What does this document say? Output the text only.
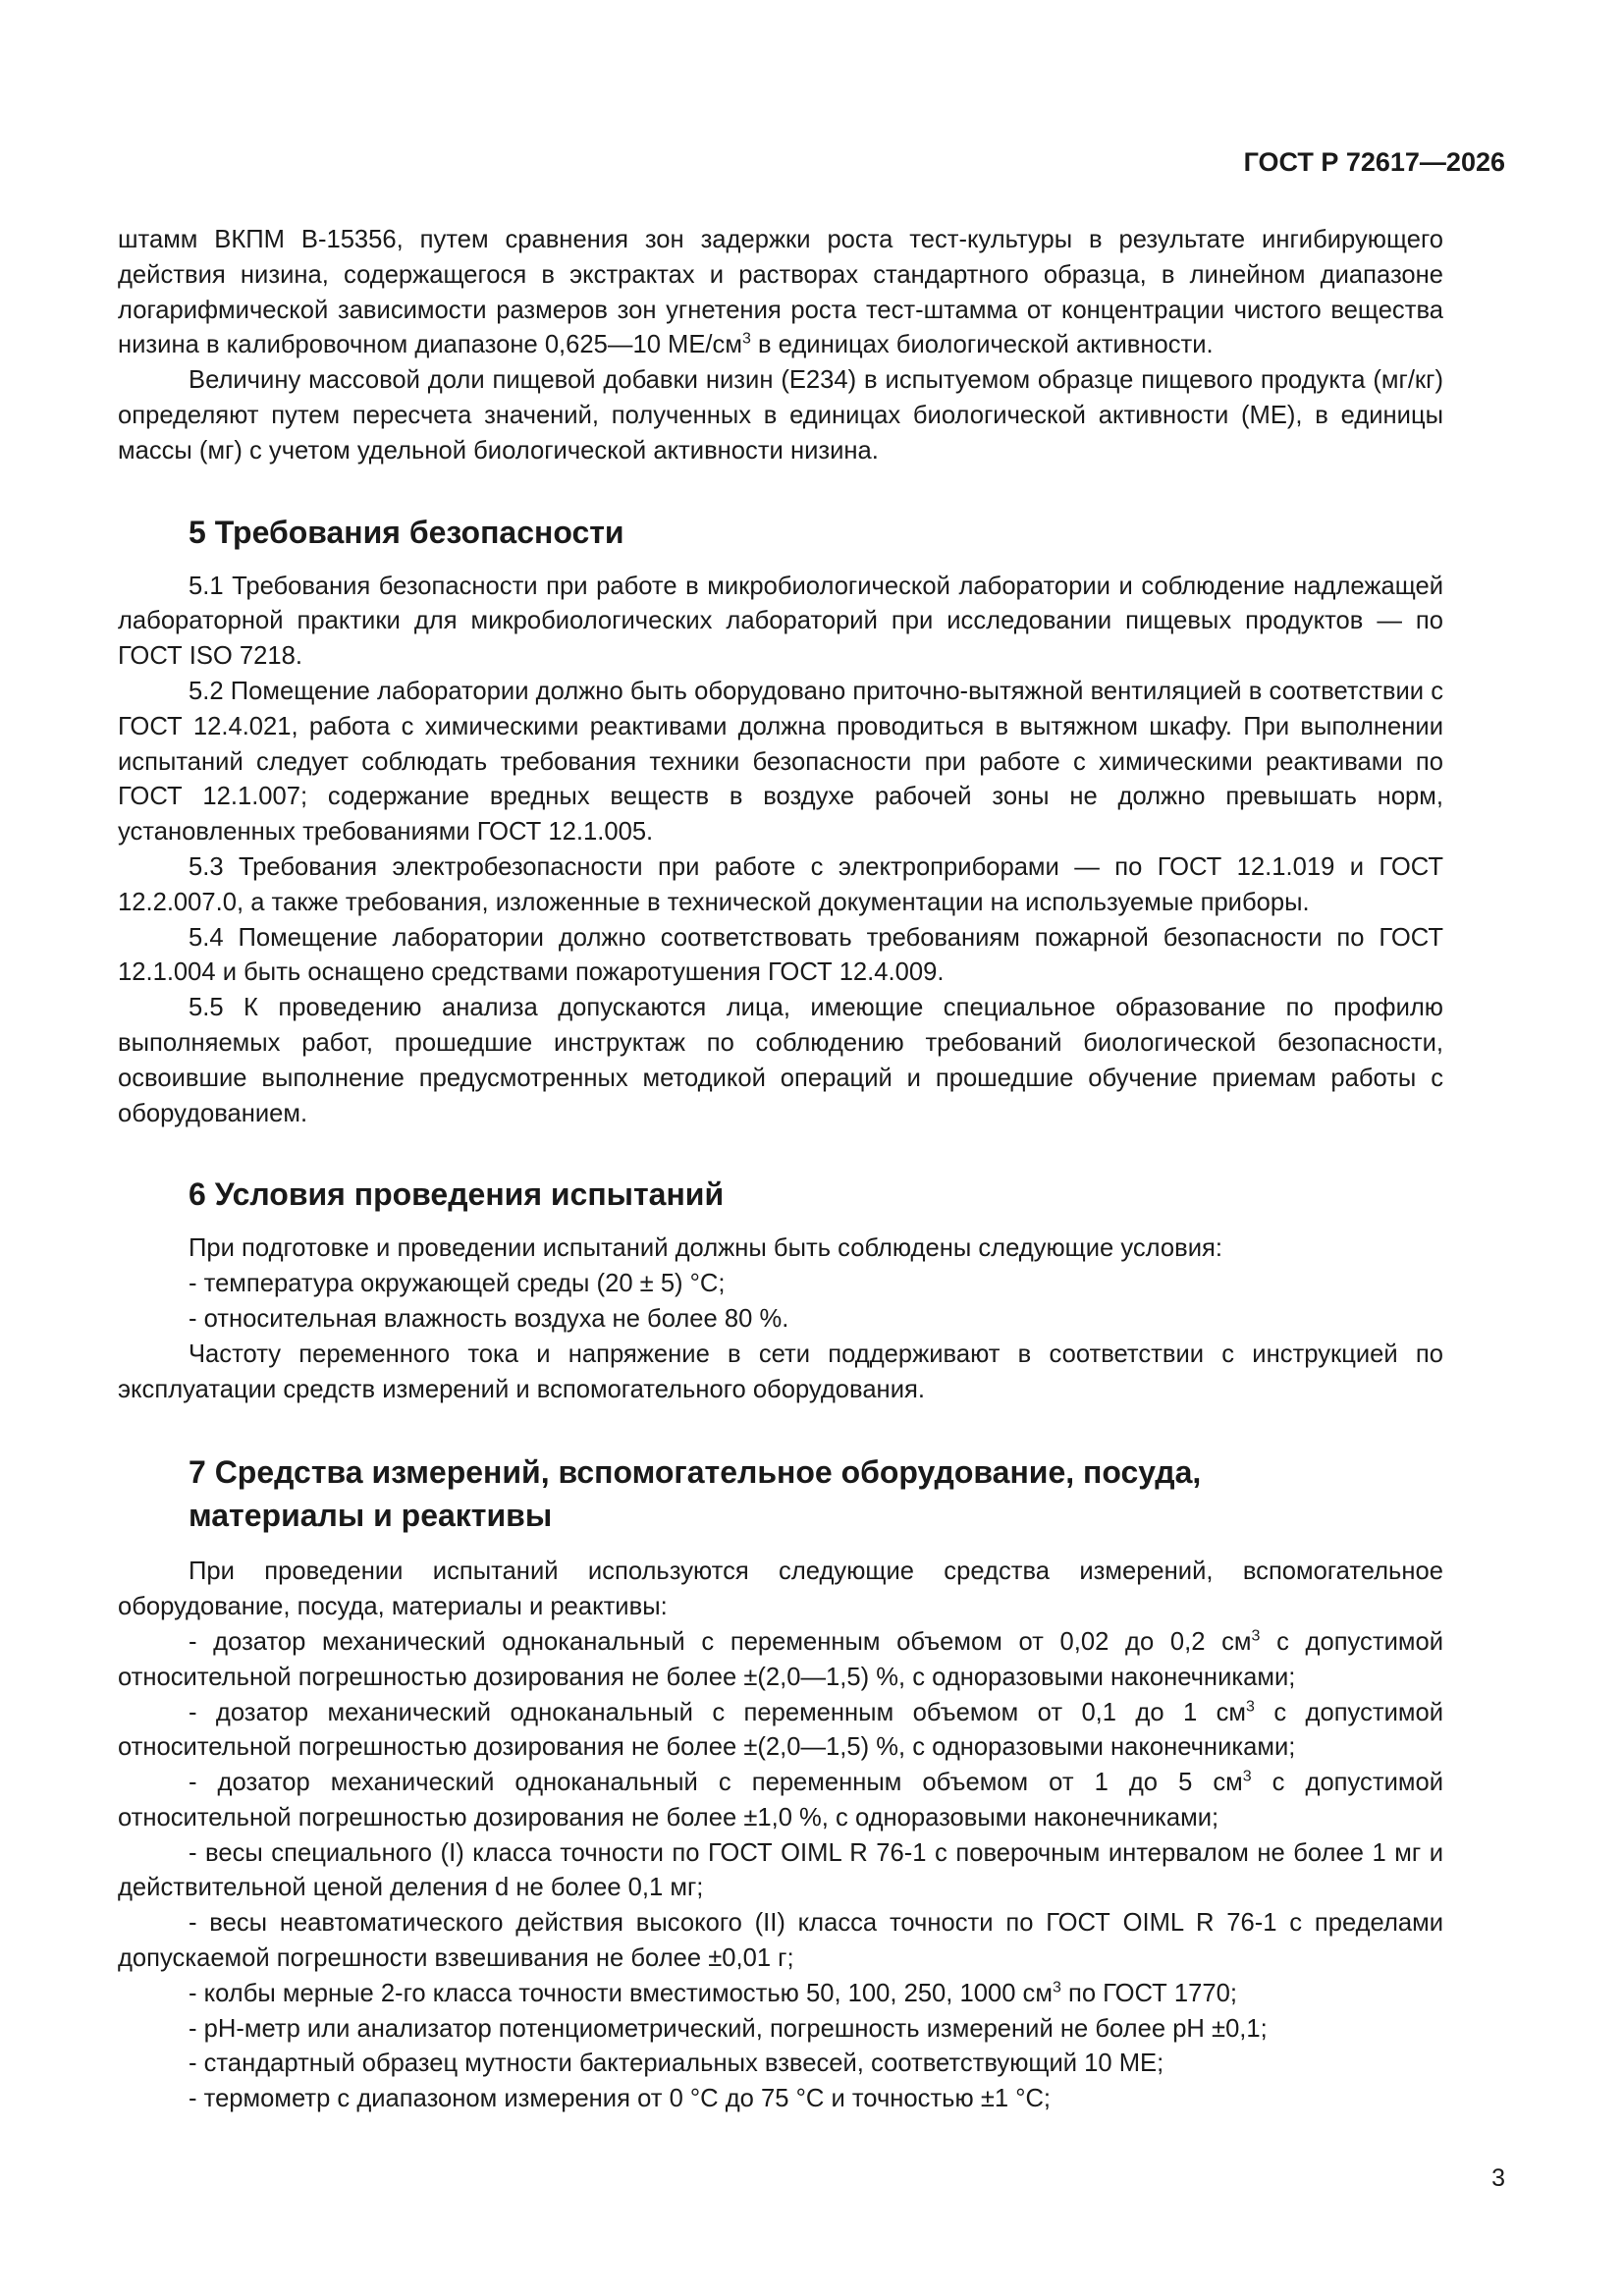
ГОСТ Р 72617—2026

штамм ВКПМ В-15356, путем сравнения зон задержки роста тест-культуры в результате ингибирующего действия низина, содержащегося в экстрактах и растворах стандартного образца, в линейном диапазоне логарифмической зависимости размеров зон угнетения роста тест-штамма от концентрации чистого вещества низина в калибровочном диапазоне 0,625—10 $МЕ/см^3$ в единицах биологической активности.

Величину массовой доли пищевой добавки низин (Е234) в испытуемом образце пищевого продукта (мг/кг) определяют путем пересчета значений, полученных в единицах биологической активности (МЕ), в единицы массы (мг) с учетом удельной биологической активности низина.

5 Требования безопасности

5.1 Требования безопасности при работе в микробиологической лаборатории и соблюдение надлежащей лабораторной практики для микробиологических лабораторий при исследовании пищевых продуктов — по ГОСТ ISO 7218.

5.2 Помещение лаборатории должно быть оборудовано приточно-вытяжной вентиляцией в соответствии с ГОСТ 12.4.021, работа с химическими реактивами должна проводиться в вытяжном шкафу. При выполнении испытаний следует соблюдать требования техники безопасности при работе с химическими реактивами по ГОСТ 12.1.007; содержание вредных веществ в воздухе рабочей зоны не должно превышать норм, установленных требованиями ГОСТ 12.1.005.

5.3 Требования электробезопасности при работе с электроприборами — по ГОСТ 12.1.019 и ГОСТ 12.2.007.0, а также требования, изложенные в технической документации на используемые приборы.

5.4 Помещение лаборатории должно соответствовать требованиям пожарной безопасности по ГОСТ 12.1.004 и быть оснащено средствами пожаротушения ГОСТ 12.4.009.

5.5 К проведению анализа допускаются лица, имеющие специальное образование по профилю выполняемых работ, прошедшие инструктаж по соблюдению требований биологической безопасности, освоившие выполнение предусмотренных методикой операций и прошедшие обучение приемам работы с оборудованием.

6 Условия проведения испытаний

При подготовке и проведении испытаний должны быть соблюдены следующие условия:

- температура окружающей среды (20 ± 5) °С;

- относительная влажность воздуха не более 80 %.

Частоту переменного тока и напряжение в сети поддерживают в соответствии с инструкцией по эксплуатации средств измерений и вспомогательного оборудования.

7 Средства измерений, вспомогательное оборудование, посуда,
материалы и реактивы

При проведении испытаний используются следующие средства измерений, вспомогательное оборудование, посуда, материалы и реактивы:

- дозатор механический одноканальный с переменным объемом от 0,02 до 0,2 $см^3$ с допустимой относительной погрешностью дозирования не более ±(2,0—1,5) %, с одноразовыми наконечниками;

- дозатор механический одноканальный с переменным объемом от 0,1 до 1 $см^3$ с допустимой относительной погрешностью дозирования не более ±(2,0—1,5) %, с одноразовыми наконечниками;

- дозатор механический одноканальный с переменным объемом от 1 до 5 $см^3$ с допустимой относительной погрешностью дозирования не более ±1,0 %, с одноразовыми наконечниками;

- весы специального (I) класса точности по ГОСТ OIML R 76-1 с поверочным интервалом не более 1 мг и действительной ценой деления d не более 0,1 мг;

- весы неавтоматического действия высокого (II) класса точности по ГОСТ OIML R 76-1 с пределами допускаемой погрешности взвешивания не более ±0,01 г;

- колбы мерные 2-го класса точности вместимостью 50, 100, 250, 1000 $см^3$ по ГОСТ 1770;

- рН-метр или анализатор потенциометрический, погрешность измерений не более рН ±0,1;

- стандартный образец мутности бактериальных взвесей, соответствующий 10 МЕ;

- термометр с диапазоном измерения от 0 °С до 75 °С и точностью ±1 °С;

3
